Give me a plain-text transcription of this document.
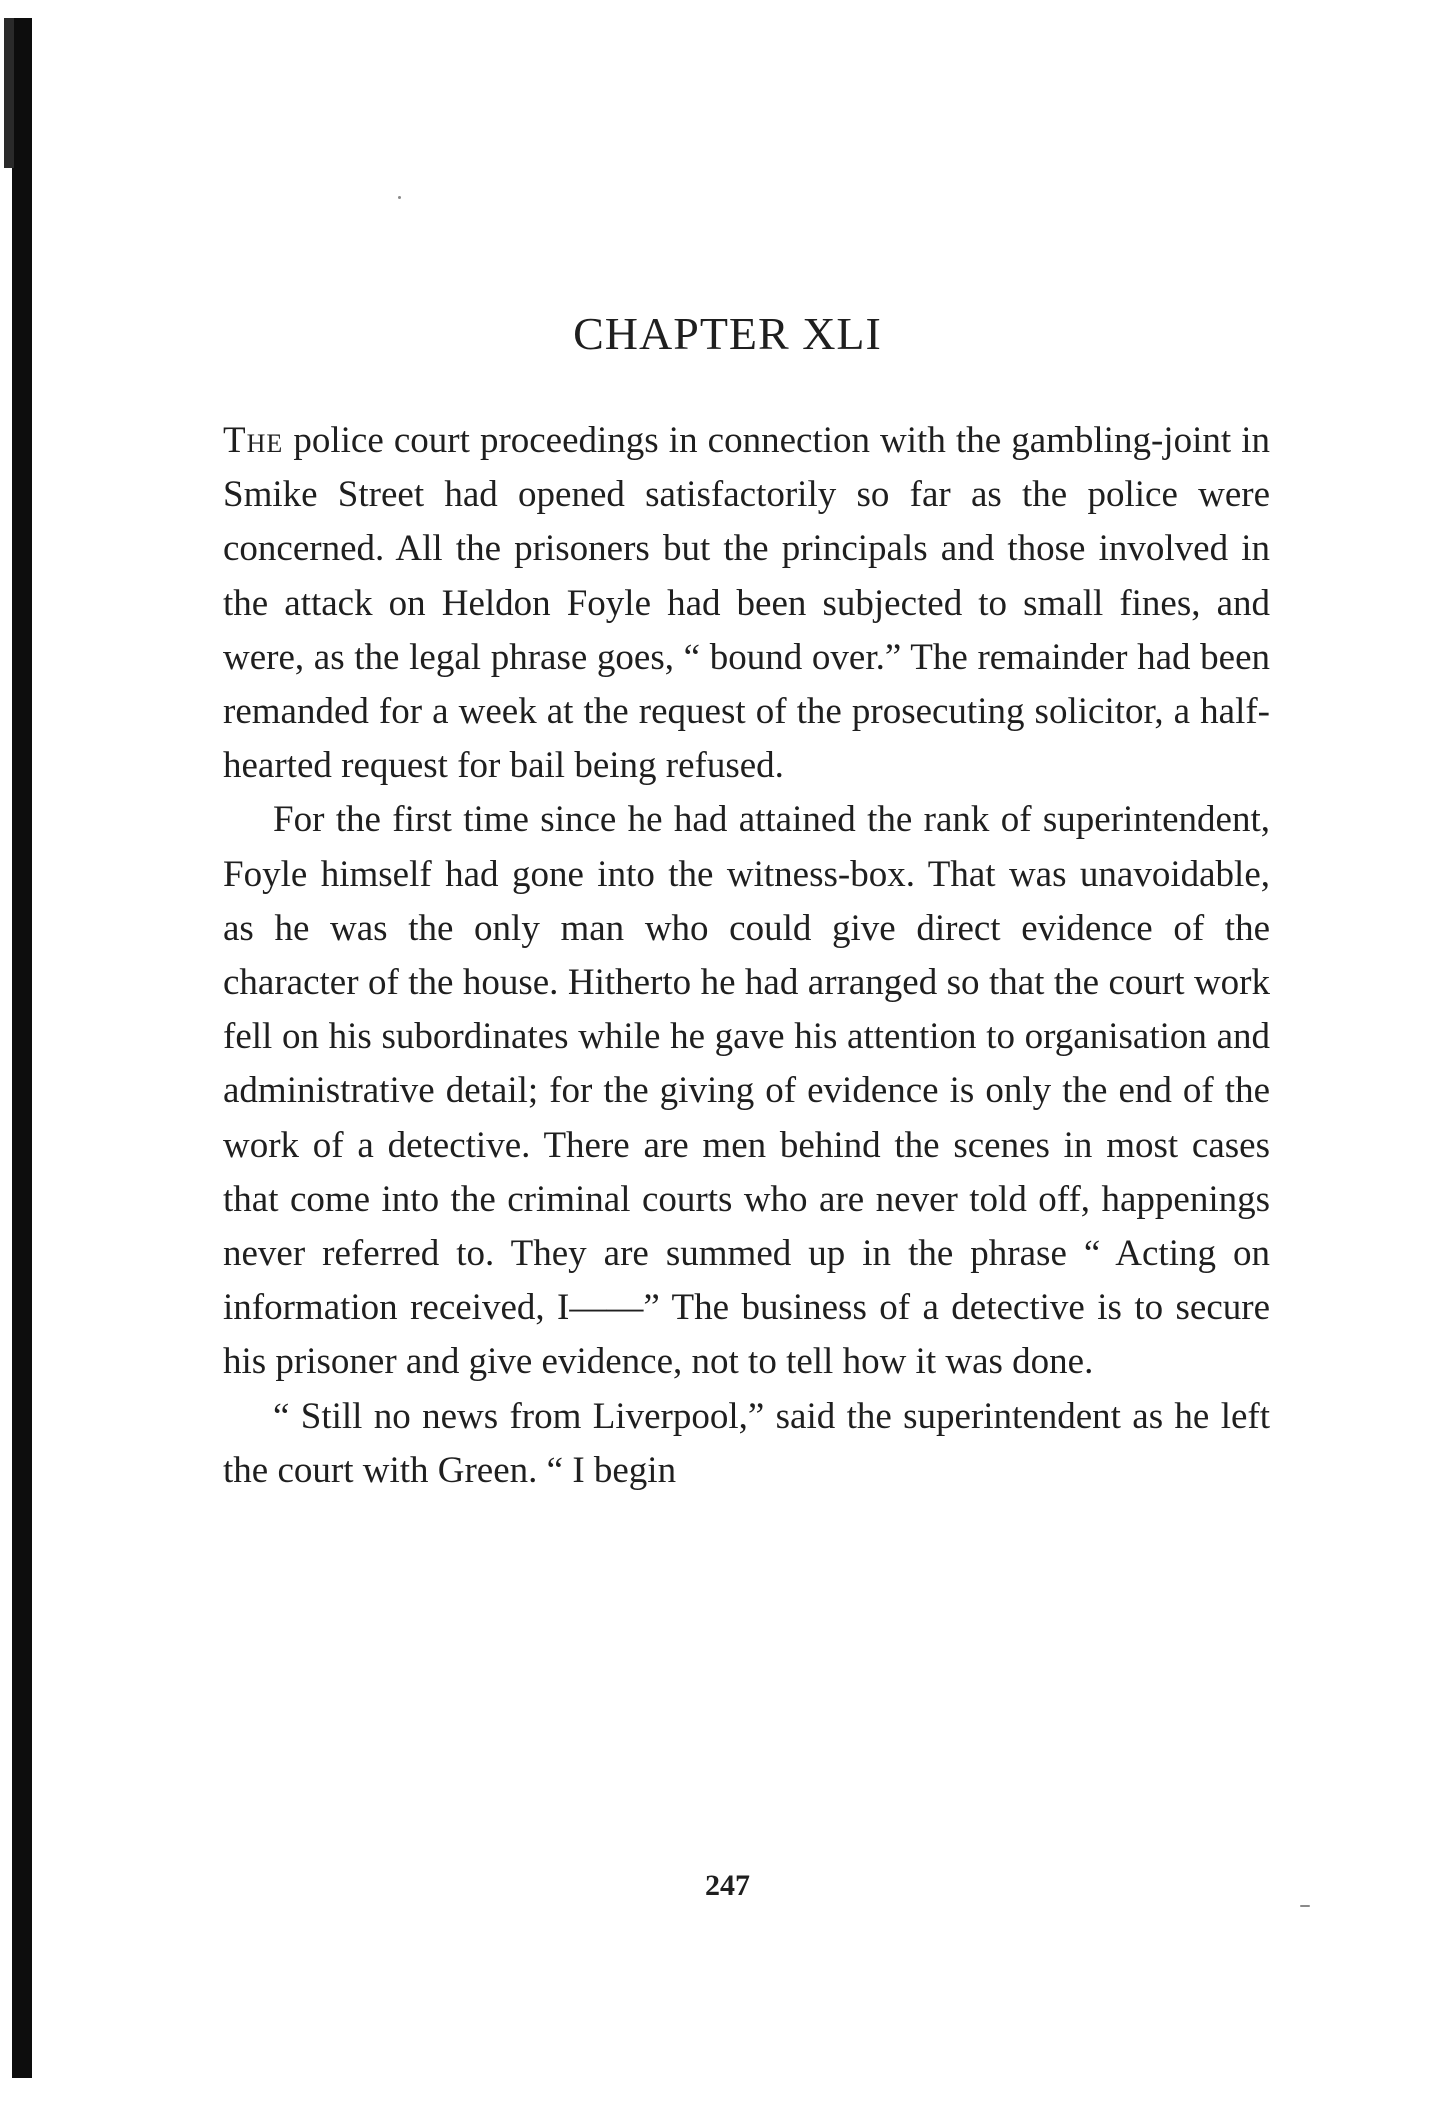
CHAPTER XLI

The police court proceedings in connection with the gambling-joint in Smike Street had opened satisfactorily so far as the police were concerned. All the prisoners but the principals and those involved in the attack on Heldon Foyle had been subjected to small fines, and were, as the legal phrase goes, “ bound over.” The remainder had been remanded for a week at the request of the prosecuting solicitor, a half-hearted request for bail being refused.

For the first time since he had attained the rank of superintendent, Foyle himself had gone into the witness-box. That was unavoidable, as he was the only man who could give direct evidence of the character of the house. Hitherto he had arranged so that the court work fell on his subordinates while he gave his attention to organisation and administrative detail; for the giving of evidence is only the end of the work of a detective. There are men behind the scenes in most cases that come into the criminal courts who are never told off, happenings never referred to. They are summed up in the phrase “ Acting on information received, I——” The business of a detective is to secure his prisoner and give evidence, not to tell how it was done.

“ Still no news from Liverpool,” said the superintendent as he left the court with Green. “ I begin

247
